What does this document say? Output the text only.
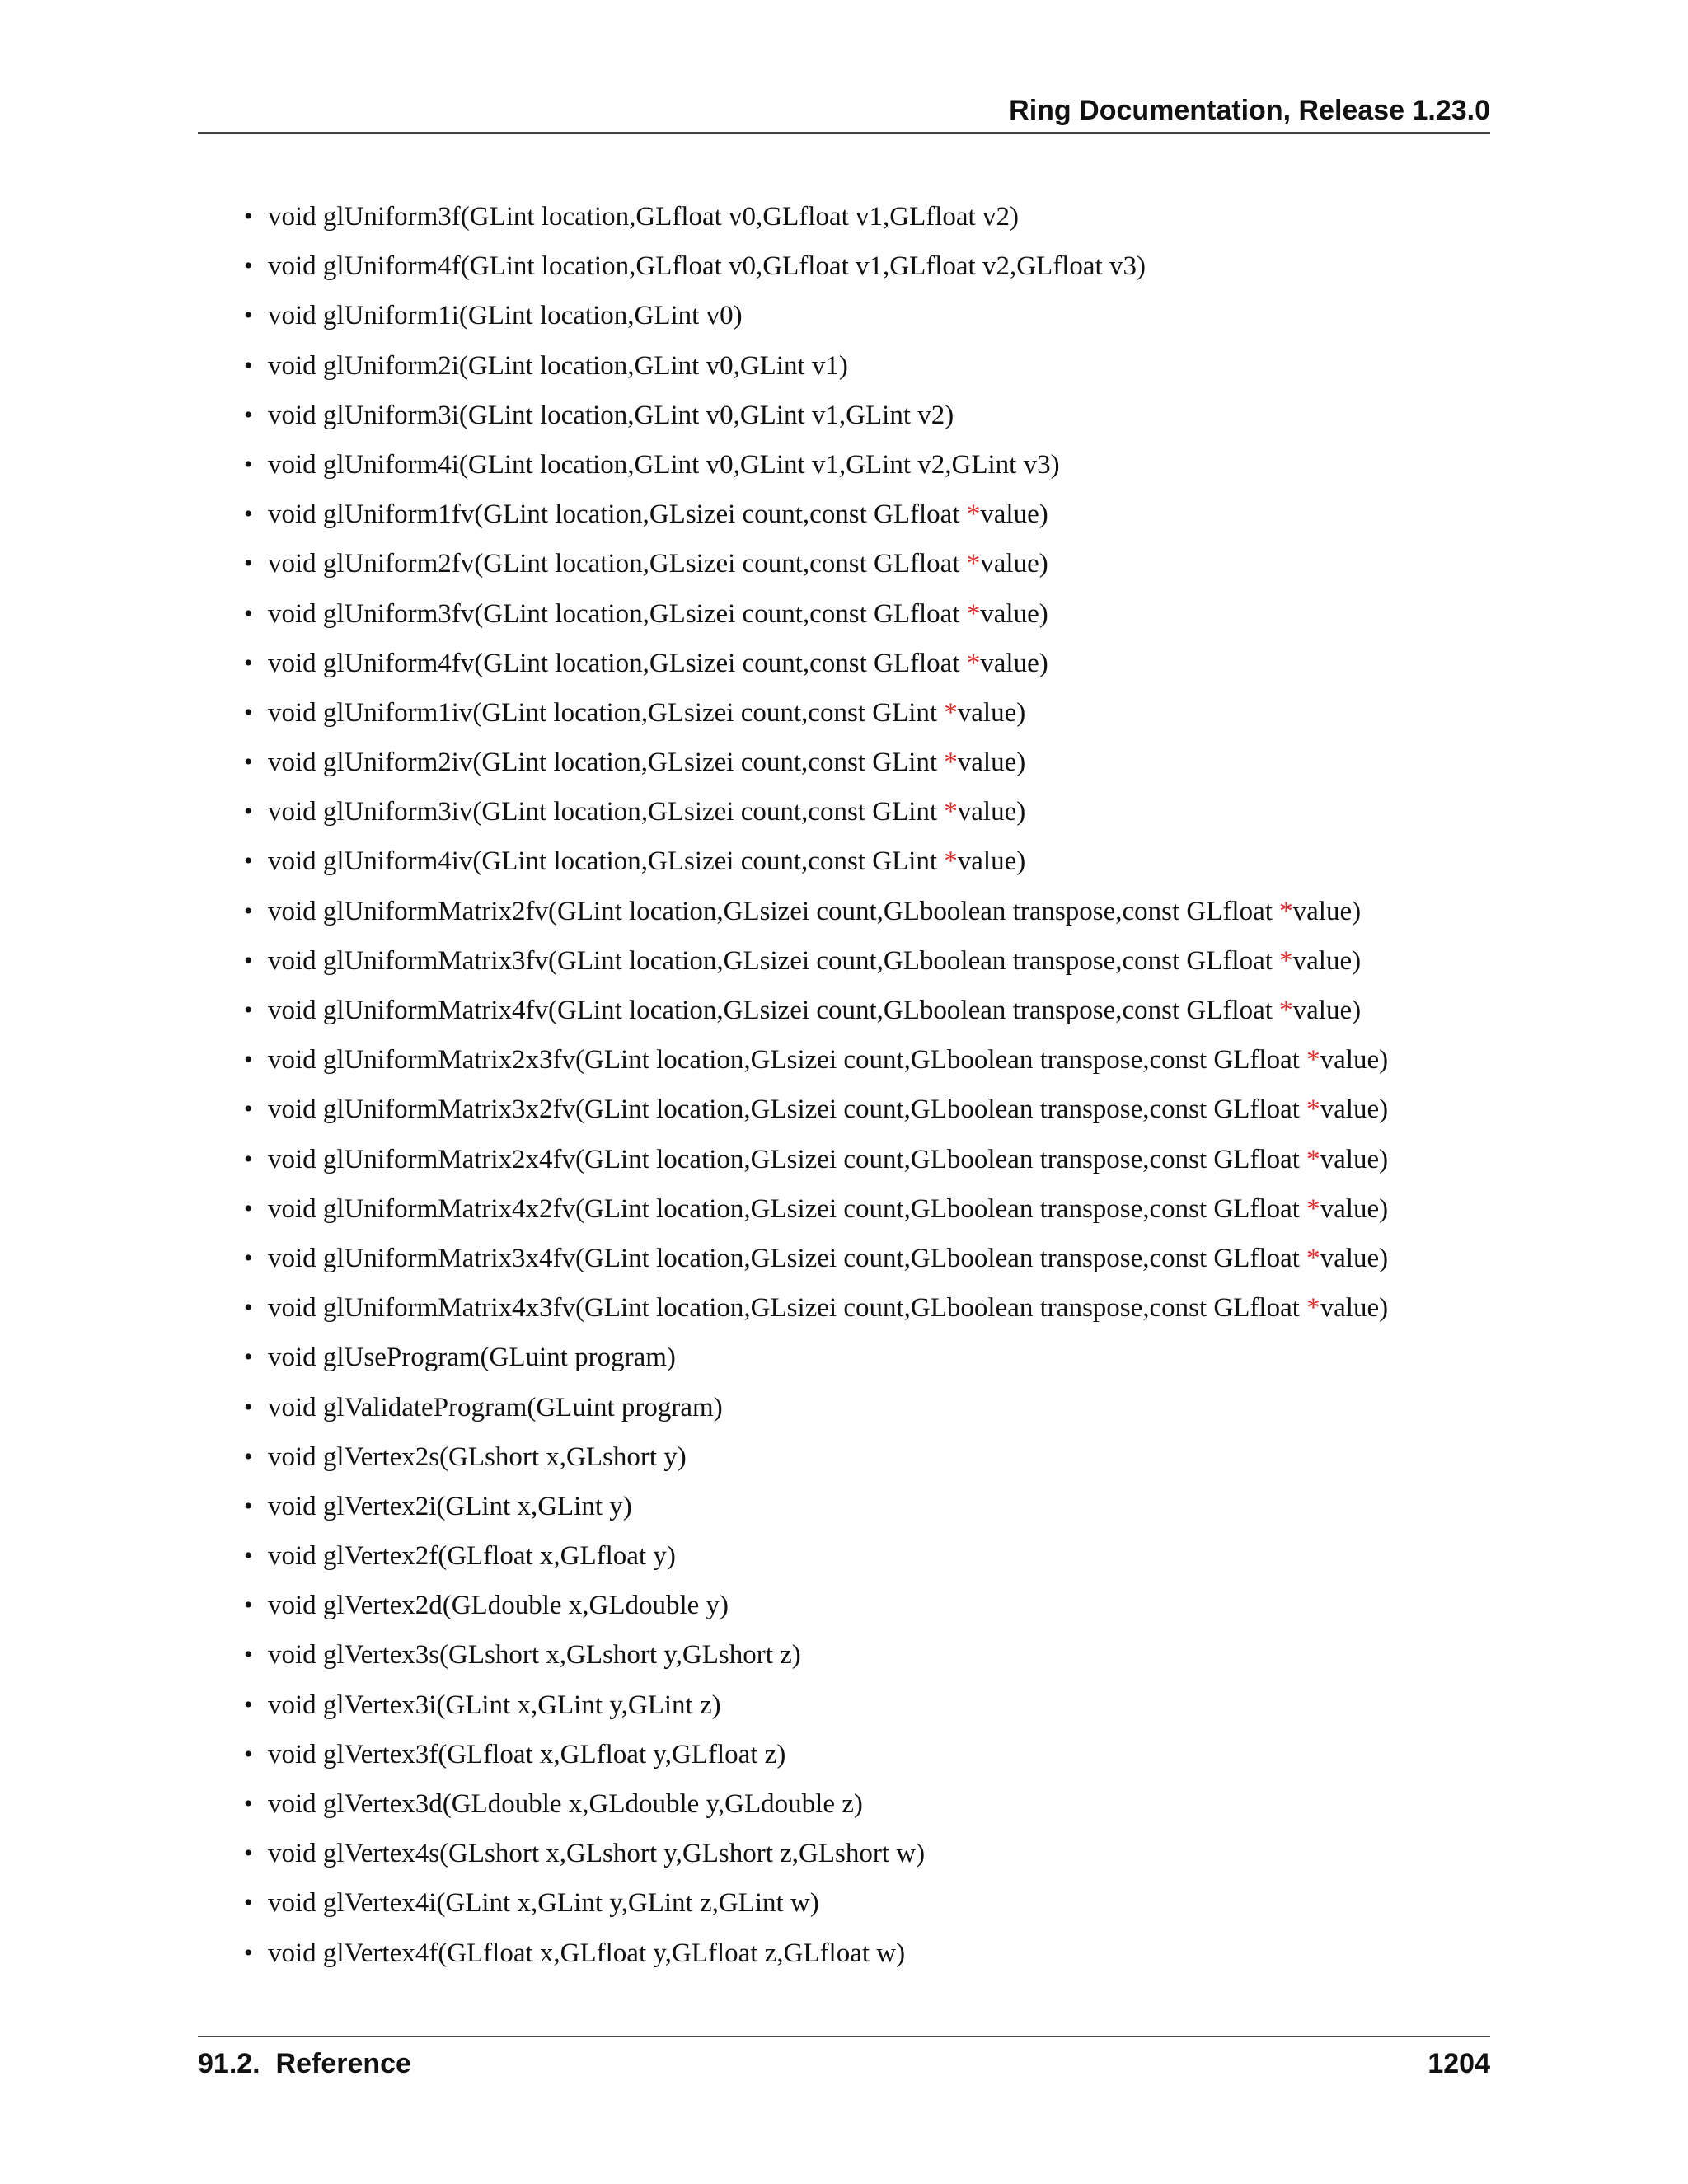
Ring Documentation, Release 1.23.0
• void glUniform3f(GLint location,GLfloat v0,GLfloat v1,GLfloat v2)
• void glUniform4f(GLint location,GLfloat v0,GLfloat v1,GLfloat v2,GLfloat v3)
• void glUniform1i(GLint location,GLint v0)
• void glUniform2i(GLint location,GLint v0,GLint v1)
• void glUniform3i(GLint location,GLint v0,GLint v1,GLint v2)
• void glUniform4i(GLint location,GLint v0,GLint v1,GLint v2,GLint v3)
• void glUniform1fv(GLint location,GLsizei count,const GLfloat *value)
• void glUniform2fv(GLint location,GLsizei count,const GLfloat *value)
• void glUniform3fv(GLint location,GLsizei count,const GLfloat *value)
• void glUniform4fv(GLint location,GLsizei count,const GLfloat *value)
• void glUniform1iv(GLint location,GLsizei count,const GLint *value)
• void glUniform2iv(GLint location,GLsizei count,const GLint *value)
• void glUniform3iv(GLint location,GLsizei count,const GLint *value)
• void glUniform4iv(GLint location,GLsizei count,const GLint *value)
• void glUniformMatrix2fv(GLint location,GLsizei count,GLboolean transpose,const GLfloat *value)
• void glUniformMatrix3fv(GLint location,GLsizei count,GLboolean transpose,const GLfloat *value)
• void glUniformMatrix4fv(GLint location,GLsizei count,GLboolean transpose,const GLfloat *value)
• void glUniformMatrix2x3fv(GLint location,GLsizei count,GLboolean transpose,const GLfloat *value)
• void glUniformMatrix3x2fv(GLint location,GLsizei count,GLboolean transpose,const GLfloat *value)
• void glUniformMatrix2x4fv(GLint location,GLsizei count,GLboolean transpose,const GLfloat *value)
• void glUniformMatrix4x2fv(GLint location,GLsizei count,GLboolean transpose,const GLfloat *value)
• void glUniformMatrix3x4fv(GLint location,GLsizei count,GLboolean transpose,const GLfloat *value)
• void glUniformMatrix4x3fv(GLint location,GLsizei count,GLboolean transpose,const GLfloat *value)
• void glUseProgram(GLuint program)
• void glValidateProgram(GLuint program)
• void glVertex2s(GLshort x,GLshort y)
• void glVertex2i(GLint x,GLint y)
• void glVertex2f(GLfloat x,GLfloat y)
• void glVertex2d(GLdouble x,GLdouble y)
• void glVertex3s(GLshort x,GLshort y,GLshort z)
• void glVertex3i(GLint x,GLint y,GLint z)
• void glVertex3f(GLfloat x,GLfloat y,GLfloat z)
• void glVertex3d(GLdouble x,GLdouble y,GLdouble z)
• void glVertex4s(GLshort x,GLshort y,GLshort z,GLshort w)
• void glVertex4i(GLint x,GLint y,GLint z,GLint w)
• void glVertex4f(GLfloat x,GLfloat y,GLfloat z,GLfloat w)
91.2.  Reference	1204
